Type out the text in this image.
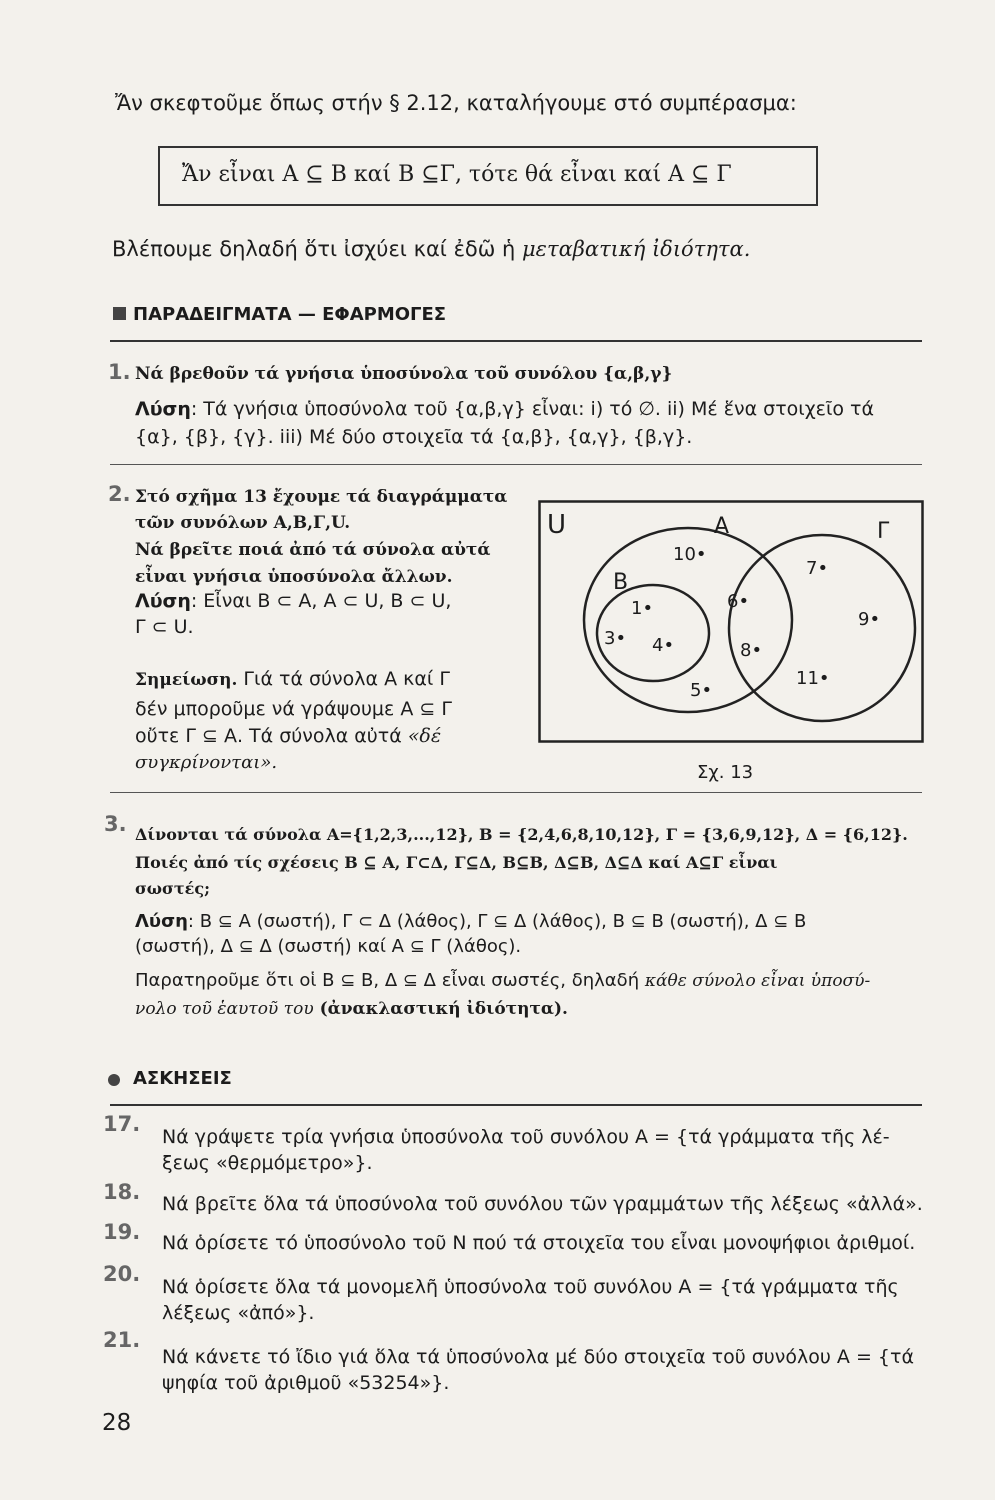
Ἄν σκεφτοῦμε ὅπως στήν § 2.12, καταλήγουμε στό συμπέρασμα:
Ἄν εἶναι A ⊆ B καί B ⊆Γ, τότε θά εἶναι καί A ⊆ Γ
Βλέπουμε δηλαδή ὅτι ἰσχύει καί ἐδῶ ἡ μεταβατική ἰδιότητα.
ΠΑΡΑΔΕΙΓΜΑΤΑ — ΕΦΑΡΜΟΓΕΣ
1. Νά βρεθοῦν τά γνήσια ὑποσύνολα τοῦ συνόλου {α,β,γ}
Λύση: Τά γνήσια ὑποσύνολα τοῦ {α,β,γ} εἶναι: i) τό ∅. ii) Μέ ἕνα στοιχεῖο τά
{α}, {β}, {γ}. iii) Μέ δύο στοιχεῖα τά {α,β}, {α,γ}, {β,γ}.
2. Στό σχῆμα 13 ἔχουμε τά διαγράμματα
τῶν συνόλων Α,Β,Γ,U.
Νά βρεῖτε ποιά ἀπό τά σύνολα αὐτά
εἶναι γνήσια ὑποσύνολα ἄλλων.
Λύση: Εἶναι B ⊂ A, A ⊂ U, B ⊂ U,
Γ ⊂ U.
Σημείωση. Γιά τά σύνολα Α καί Γ
δέν μποροῦμε νά γράψουμε Α ⊆ Γ
οὔτε Γ ⊆ Α. Τά σύνολα αὐτά «δέ
συγκρίνονται».
U	A
B
Γ
10•
7•
1•	6•
9•
3• 4•	8•
5•
11•
Σχ. 13
3. Δίνονται τά σύνολα A={1,2,3,...,12}, B = {2,4,6,8,10,12}, Γ = {3,6,9,12}, Δ = {6,12}.
Ποιές ἀπό τίς σχέσεις B ⊆ A, Γ⊂Δ, Γ⊆Δ, B⊆B, Δ⊆B, Δ⊆Δ καί A⊆Γ εἶναι
σωστές;
Λύση: B ⊆ A (σωστή), Γ ⊂ Δ (λάθος), Γ ⊆ Δ (λάθος), B ⊆ B (σωστή), Δ ⊆ B
(σωστή), Δ ⊆ Δ (σωστή) καί A ⊆ Γ (λάθος).
Παρατηροῦμε ὅτι οἱ B ⊆ B, Δ ⊆ Δ εἶναι σωστές, δηλαδή κάθε σύνολο εἶναι ὑποσύ-
νολο τοῦ ἑαυτοῦ του (ἀνακλαστική ἰδιότητα).
ΑΣΚΗΣΕΙΣ
17.
Νά γράψετε τρία γνήσια ὑποσύνολα τοῦ συνόλου A = {τά γράμματα τῆς λέ-
ξεως «θερμόμετρο»}.
18. Νά βρεῖτε ὅλα τά ὑποσύνολα τοῦ συνόλου τῶν γραμμάτων τῆς λέξεως «ἀλλά».
19. Νά ὁρίσετε τό ὑποσύνολο τοῦ N πού τά στοιχεῖα του εἶναι μονοψήφιοι ἀριθμοί.
20.
Νά ὁρίσετε ὅλα τά μονομελῆ ὑποσύνολα τοῦ συνόλου A = {τά γράμματα τῆς
λέξεως «ἀπό»}.
21.
Νά κάνετε τό ἴδιο γιά ὅλα τά ὑποσύνολα μέ δύο στοιχεῖα τοῦ συνόλου A = {τά
ψηφία τοῦ ἀριθμοῦ «53254»}.
28
